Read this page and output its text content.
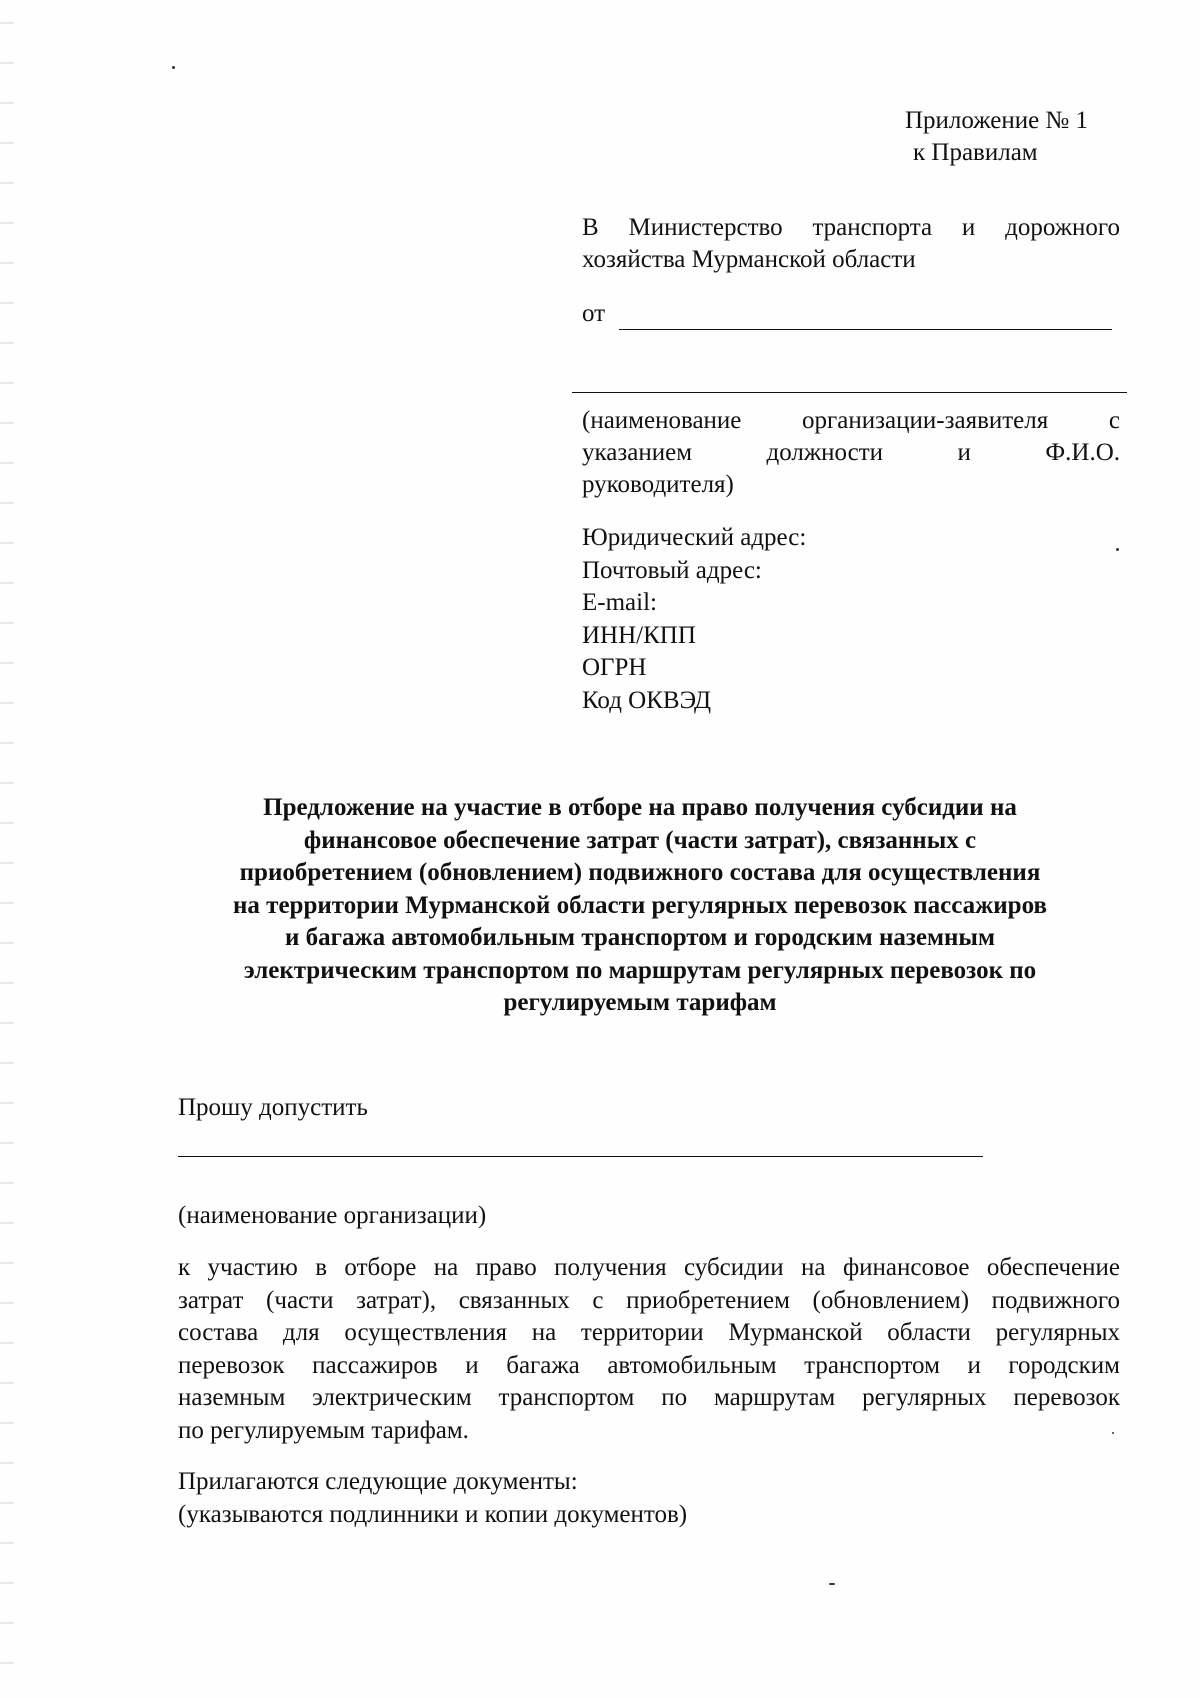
Приложение № 1
к Правилам
В Министерство транспорта и дорожного хозяйства Мурманской области
от
(наименование организации-заявителя с
указанием должности и Ф.И.О.
руководителя)
Юридический адрес:
Почтовый адрес:
E-mail:
ИНН/КПП
ОГРН
Код ОКВЭД
Предложение на участие в отборе на право получения субсидии на
финансовое обеспечение затрат (части затрат), связанных с
приобретением (обновлением) подвижного состава для осуществления
на территории Мурманской области регулярных перевозок пассажиров
и багажа автомобильным транспортом и городским наземным
электрическим транспортом по маршрутам регулярных перевозок по
регулируемым тарифам
Прошу допустить
(наименование организации)
к участию в отборе на право получения субсидии на финансовое обеспечение
затрат (части затрат), связанных с приобретением (обновлением) подвижного
состава для осуществления на территории Мурманской области регулярных
перевозок пассажиров и багажа автомобильным транспортом и городским
наземным электрическим транспортом по маршрутам регулярных перевозок
по регулируемым тарифам.
Прилагаются следующие документы:
(указываются подлинники и копии документов)
